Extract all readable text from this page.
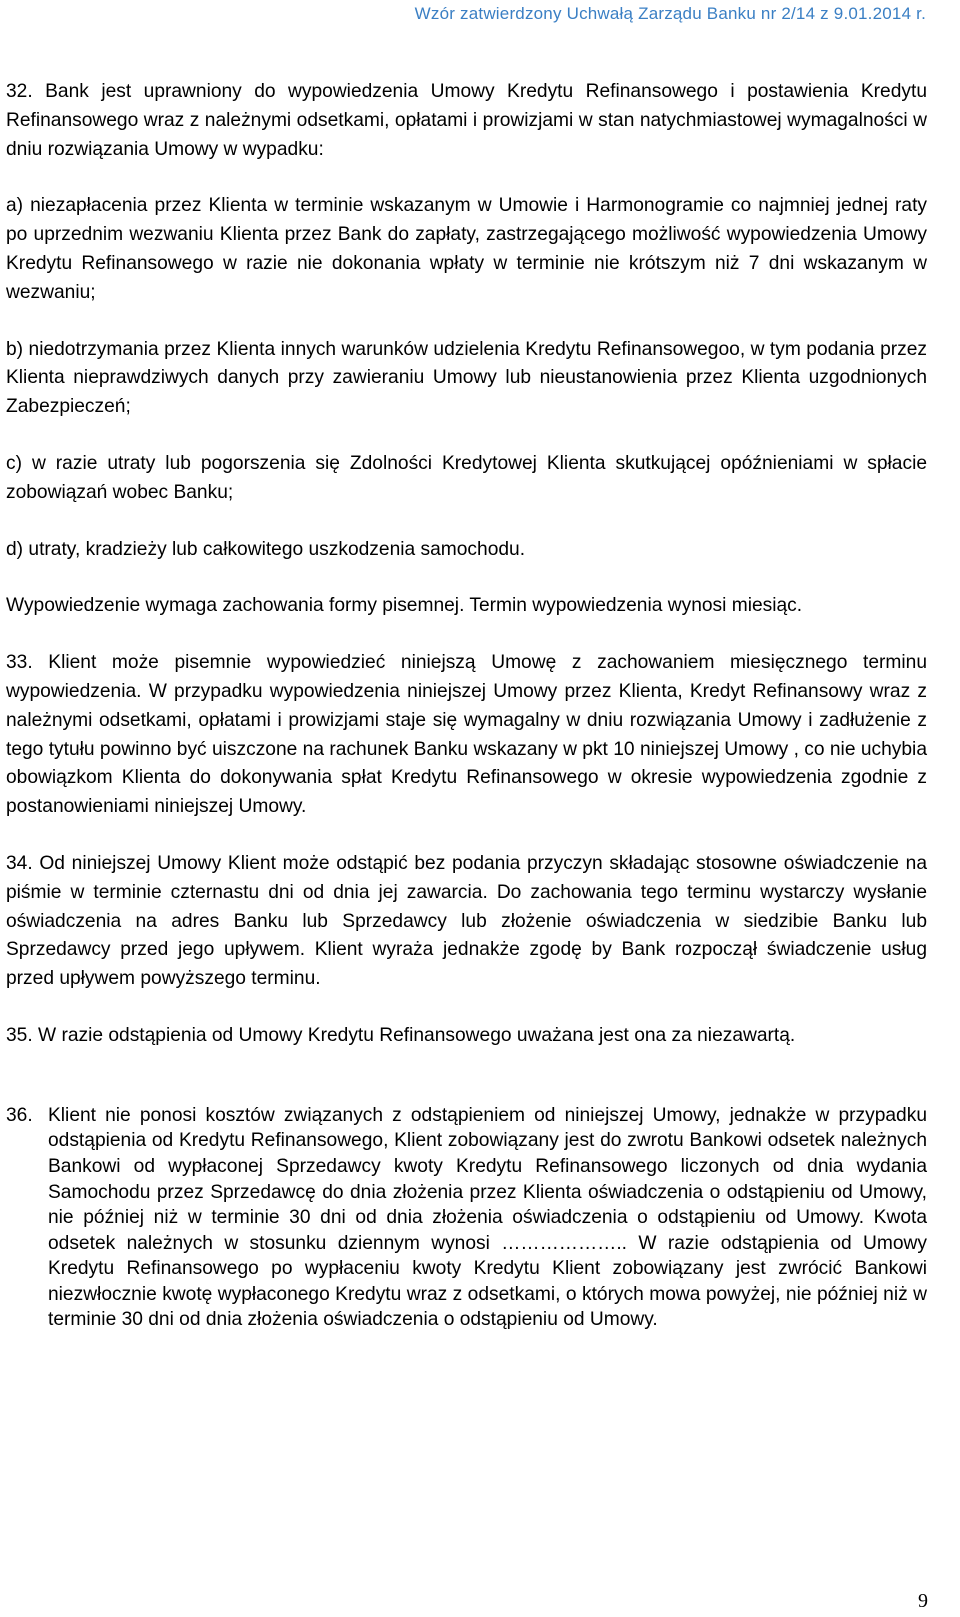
Wzór zatwierdzony Uchwałą Zarządu Banku nr 2/14 z 9.01.2014 r.

32. Bank jest uprawniony do wypowiedzenia Umowy Kredytu Refinansowego i postawienia Kredytu Refinansowego wraz z należnymi odsetkami, opłatami i prowizjami w stan natychmiastowej wymagalności w dniu rozwiązania Umowy w wypadku:

a) niezapłacenia przez Klienta w terminie wskazanym w Umowie i Harmonogramie co najmniej jednej raty po uprzednim wezwaniu Klienta przez Bank do zapłaty, zastrzegającego możliwość wypowiedzenia Umowy Kredytu Refinansowego w razie nie dokonania wpłaty w terminie nie krótszym niż 7 dni wskazanym w wezwaniu;

b) niedotrzymania przez Klienta innych warunków udzielenia Kredytu Refinansowegoo, w tym podania przez Klienta nieprawdziwych danych przy zawieraniu Umowy lub nieustanowienia przez Klienta uzgodnionych Zabezpieczeń;

c) w razie utraty lub pogorszenia się Zdolności Kredytowej Klienta skutkującej opóźnieniami w spłacie zobowiązań wobec Banku;

d) utraty, kradzieży lub całkowitego uszkodzenia samochodu.

Wypowiedzenie wymaga zachowania formy pisemnej. Termin wypowiedzenia wynosi miesiąc.

33. Klient może pisemnie wypowiedzieć niniejszą Umowę z zachowaniem miesięcznego terminu wypowiedzenia. W przypadku wypowiedzenia niniejszej Umowy przez Klienta, Kredyt Refinansowy wraz z należnymi odsetkami, opłatami i prowizjami staje się wymagalny w dniu rozwiązania Umowy i zadłużenie z tego tytułu powinno być uiszczone na rachunek Banku wskazany w pkt 10 niniejszej Umowy , co nie uchybia obowiązkom Klienta do dokonywania spłat Kredytu Refinansowego w okresie wypowiedzenia zgodnie z postanowieniami niniejszej Umowy.

34. Od niniejszej Umowy Klient może odstąpić bez podania przyczyn składając stosowne oświadczenie na piśmie w terminie czternastu dni od dnia jej zawarcia. Do zachowania tego terminu wystarczy wysłanie oświadczenia na adres Banku lub Sprzedawcy lub złożenie oświadczenia w siedzibie Banku lub Sprzedawcy przed jego upływem. Klient wyraża jednakże zgodę by Bank rozpoczął świadczenie usług przed upływem powyższego terminu.

35. W razie odstąpienia od Umowy Kredytu Refinansowego uważana jest ona za niezawartą.

36. Klient nie ponosi kosztów związanych z odstąpieniem od niniejszej Umowy, jednakże w przypadku odstąpienia od Kredytu Refinansowego, Klient zobowiązany jest do zwrotu Bankowi odsetek należnych Bankowi od wypłaconej Sprzedawcy kwoty Kredytu Refinansowego liczonych od dnia wydania Samochodu przez Sprzedawcę do dnia złożenia przez Klienta oświadczenia o odstąpieniu od Umowy, nie później niż w terminie 30 dni od dnia złożenia oświadczenia o odstąpieniu od Umowy. Kwota odsetek należnych w stosunku dziennym wynosi ……………….. W razie odstąpienia od Umowy Kredytu Refinansowego po wypłaceniu kwoty Kredytu Klient zobowiązany jest zwrócić Bankowi niezwłocznie kwotę wypłaconego Kredytu wraz z odsetkami, o których mowa powyżej, nie później niż w terminie 30 dni od dnia złożenia oświadczenia o odstąpieniu od Umowy.
9
